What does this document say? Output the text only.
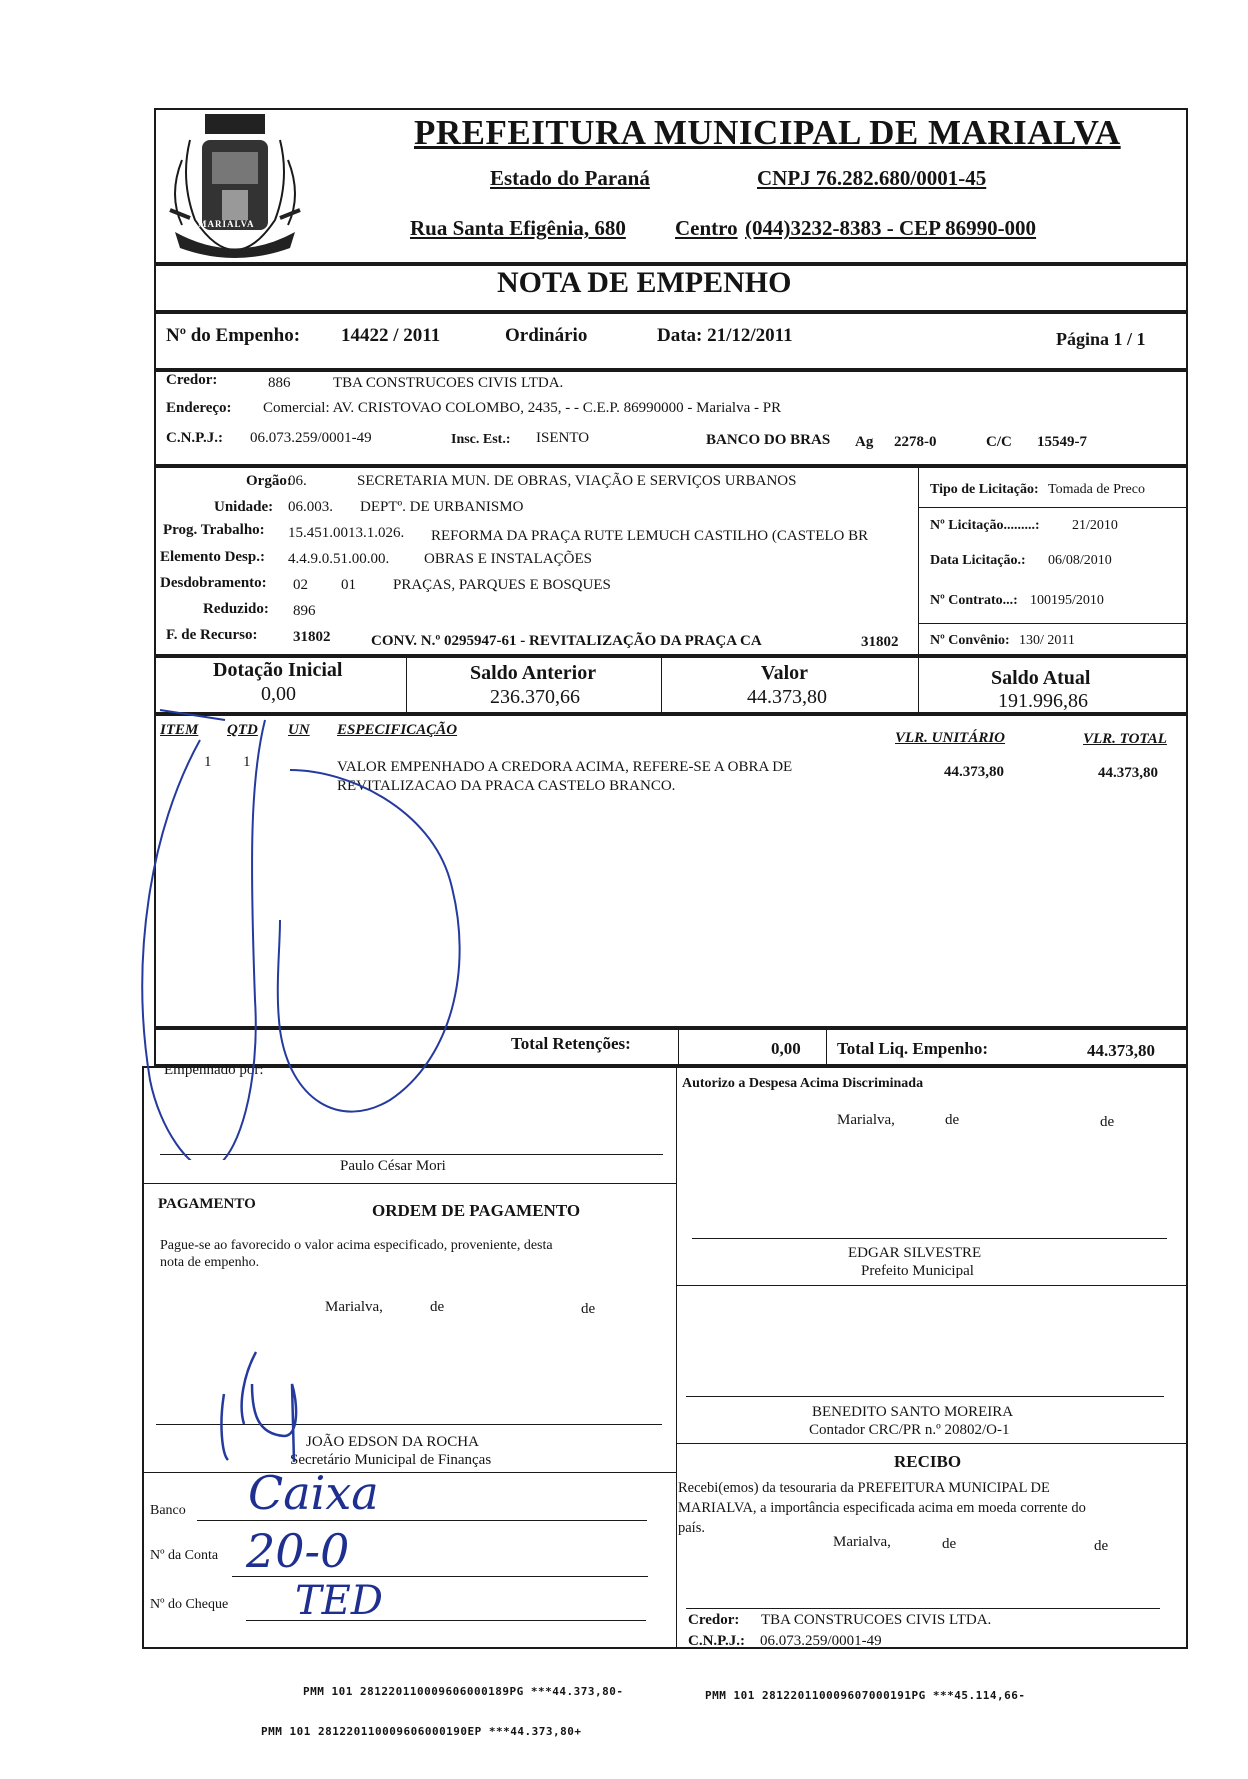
MARIALVA
PREFEITURA MUNICIPAL DE MARIALVA
Estado do Paraná	CNPJ 76.282.680/0001-45
Rua Santa Efigênia, 680 Centro (044)3232-8383 - CEP 86990-000
NOTA DE EMPENHO
Nº do Empenho: 14422 / 2011	Ordinário	Data: 21/12/2011	Página 1 / 1
Credor:	886	TBA CONSTRUCOES CIVIS LTDA.
Endereço: Comercial: AV. CRISTOVAO COLOMBO, 2435, - - C.E.P. 86990000 - Marialva - PR
C.N.P.J.: 06.073.259/0001-49	Insc. Est.: ISENTO	BANCO DO BRAS Ag 2278-0	C/C 15549-7
Orgão:
06.	SECRETARIA MUN. DE OBRAS, VIAÇÃO E SERVIÇOS URBANOS
Unidade: 06.003. DEPTº. DE URBANISMO
Prog. Trabalho: 15.451.0013.1.026. REFORMA DA PRAÇA RUTE LEMUCH CASTILHO (CASTELO BR
Elemento Desp.: 4.4.9.0.51.00.00. OBRAS E INSTALAÇÕES
Desdobramento: 02 01 PRAÇAS, PARQUES E BOSQUES
Reduzido: 896
F. de Recurso: 31802	CONV. N.º 0295947-61 - REVITALIZAÇÃO DA PRAÇA CA	31802
Tipo de Licitação: Tomada de Preco
Nº Licitação.........: 21/2010
Data Licitação.: 06/08/2010
Nº Contrato...: 100195/2010
Nº Convênio: 130/ 2011
Dotação Inicial
0,00
Saldo Anterior
236.370,66
Valor
44.373,80
Saldo Atual
191.996,86
ITEM QTD UN ESPECIFICAÇÃO	VLR. UNITÁRIO	VLR. TOTAL
1 1	VALOR EMPENHADO A CREDORA ACIMA, REFERE-SE A OBRA DE
REVITALIZACAO DA PRACA CASTELO BRANCO.
44.373,80	44.373,80
Total Retenções:	0,00 Total Liq. Empenho:	44.373,80
Empenhado por:
Paulo César Mori
Autorizo a Despesa Acima Discriminada
Marialva,	de	de
EDGAR SILVESTRE
Prefeito Municipal
PAGAMENTO	ORDEM DE PAGAMENTO
Pague-se ao favorecido o valor acima especificado, proveniente, desta
nota de empenho.
Marialva,	de	de
JOÃO EDSON DA ROCHA
Secretário Municipal de Finanças
BENEDITO SANTO MOREIRA
Contador CRC/PR n.º 20802/O-1
RECIBO
Recebi(emos) da tesouraria da PREFEITURA MUNICIPAL DE
MARIALVA, a importância especificada acima em moeda corrente do
país.
Marialva,	de	de
Credor: TBA CONSTRUCOES CIVIS LTDA.
C.N.P.J.: 06.073.259/0001-49
Banco Caixa
Nº da Conta 20-0
Nº do Cheque TED
PMM 101 281220110009606000189PG ***44.373,80-	PMM 101 281220110009607000191PG ***45.114,66-
PMM 101 281220110009606000190EP ***44.373,80+
